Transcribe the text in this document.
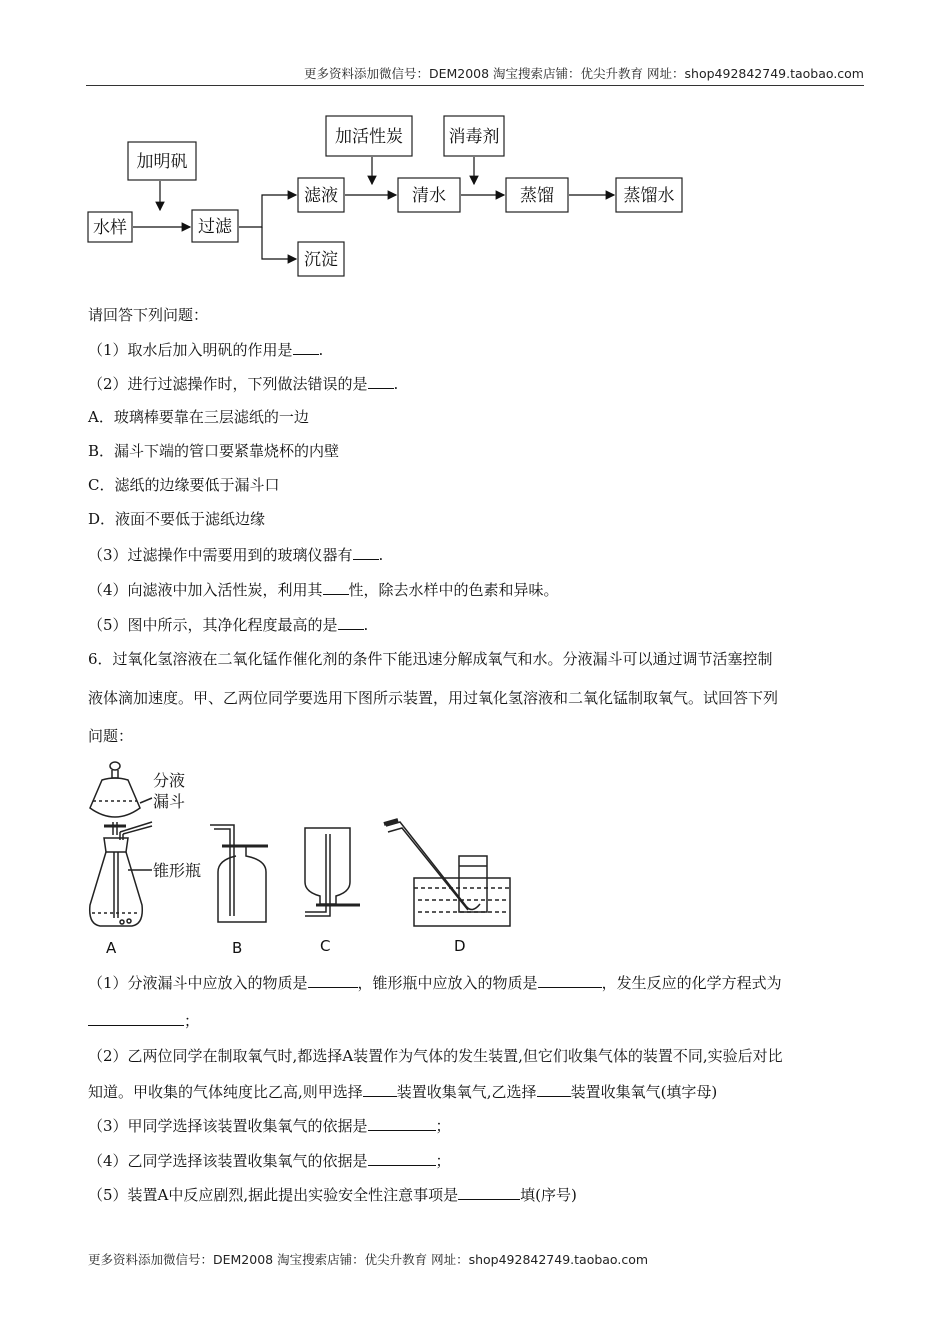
更多资料添加微信号：DEM2008 淘宝搜索店铺：优尖升教育 网址：shop492842749.taobao.com
加明矾
水样	过滤
滤液
沉淀
加活性炭
清水
消毒剂
蒸馏	蒸馏水
请回答下列问题：
（1）取水后加入明矾的作用是 .
（2）进行过滤操作时，下列做法错误的是 .
A．玻璃棒要靠在三层滤纸的一边
B．漏斗下端的管口要紧靠烧杯的内壁
C．滤纸的边缘要低于漏斗口
D．液面不要低于滤纸边缘
（3）过滤操作中需要用到的玻璃仪器有 .
（4）向滤液中加入活性炭，利用其 性，除去水样中的色素和异味。
（5）图中所示，其净化程度最高的是 .
6．过氧化氢溶液在二氧化锰作催化剂的条件下能迅速分解成氧气和水。分液漏斗可以通过调节活塞控制
液体滴加速度。甲、乙两位同学要选用下图所示装置，用过氧化氢溶液和二氧化锰制取氧气。试回答下列
问题：
分液
漏斗
锥形瓶
A	B	C	D
（1）分液漏斗中应放入的物质是	，锥形瓶中应放入的物质是	，发生反应的化学方程式为
；
（2）乙两位同学在制取氧气时,都选择A装置作为气体的发生装置,但它们收集气体的装置不同,实验后对比
知道。甲收集的气体纯度比乙高,则甲选择 装置收集氧气,乙选择 装置收集氧气(填字母)
（3）甲同学选择该装置收集氧气的依据是	；
（4）乙同学选择该装置收集氧气的依据是	；
（5）装置A中反应剧烈,据此提出实验安全性注意事项是	填(序号)
更多资料添加微信号：DEM2008 淘宝搜索店铺：优尖升教育 网址：shop492842749.taobao.com
